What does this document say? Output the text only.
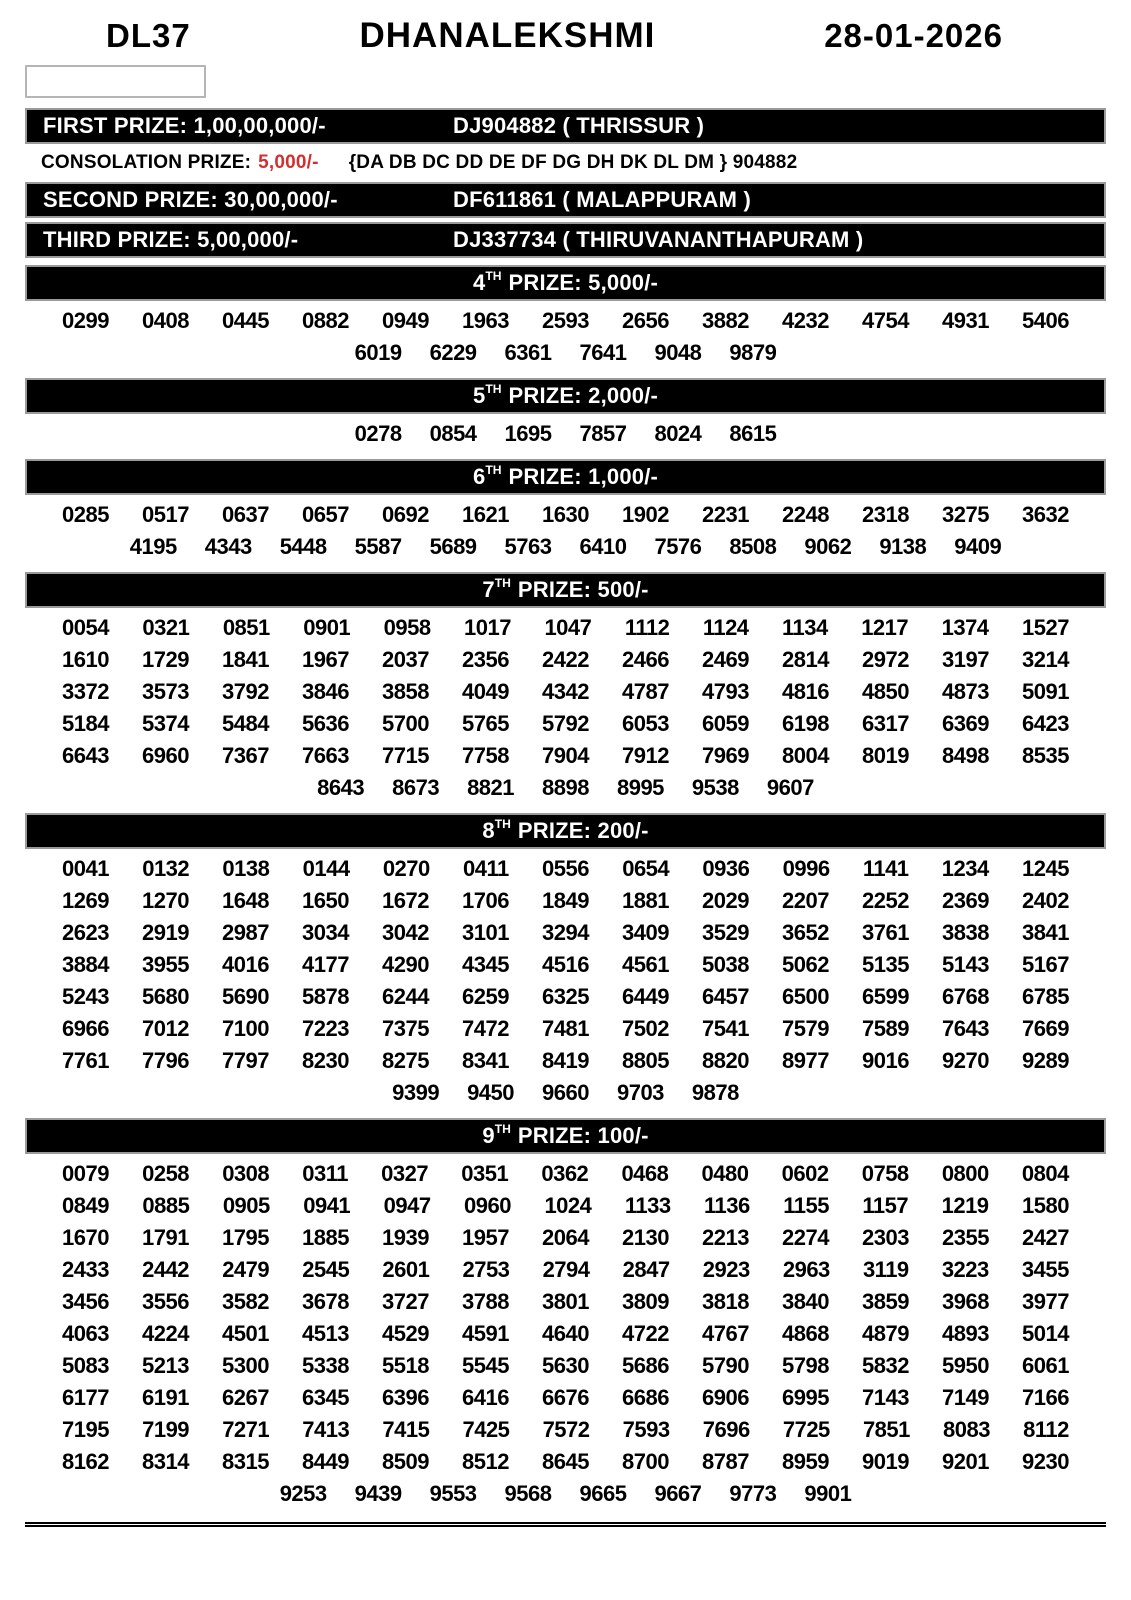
DL37	DHANALEKSHMI	28-01-2026
FIRST PRIZE: 1,00,00,000/-	DJ904882 ( THRISSUR )
CONSOLATION PRIZE: 5,000/- {DA DB DC DD DE DF DG DH DK DL DM } 904882
SECOND PRIZE: 30,00,000/-	DF611861 ( MALAPPURAM )
THIRD PRIZE: 5,00,000/-	DJ337734 ( THIRUVANANTHAPURAM )
4 TH PRIZE: 5,000/-
0299 0408 0445 0882 0949 1963 2593 2656 3882 4232 4754 4931 5406
6019 6229 6361 7641 9048 9879
5 TH PRIZE: 2,000/-
0278 0854 1695 7857 8024 8615
6 TH PRIZE: 1,000/-
0285 0517 0637 0657 0692 1621 1630 1902 2231 2248 2318 3275 3632
4195 4343 5448 5587 5689 5763 6410 7576 8508 9062 9138 9409
7 TH PRIZE: 500/-
0054 0321 0851 0901 0958 1017 1047 1112 1124 1134 1217 1374 1527
1610 1729 1841 1967 2037 2356 2422 2466 2469 2814 2972 3197 3214
3372 3573 3792 3846 3858 4049 4342 4787 4793 4816 4850 4873 5091
5184 5374 5484 5636 5700 5765 5792 6053 6059 6198 6317 6369 6423
6643 6960 7367 7663 7715 7758 7904 7912 7969 8004 8019 8498 8535
8643 8673 8821 8898 8995 9538 9607
8 TH PRIZE: 200/-
0041 0132 0138 0144 0270 0411 0556 0654 0936 0996 1141 1234 1245
1269 1270 1648 1650 1672 1706 1849 1881 2029 2207 2252 2369 2402
2623 2919 2987 3034 3042 3101 3294 3409 3529 3652 3761 3838 3841
3884 3955 4016 4177 4290 4345 4516 4561 5038 5062 5135 5143 5167
5243 5680 5690 5878 6244 6259 6325 6449 6457 6500 6599 6768 6785
6966 7012 7100 7223 7375 7472 7481 7502 7541 7579 7589 7643 7669
7761 7796 7797 8230 8275 8341 8419 8805 8820 8977 9016 9270 9289
9399 9450 9660 9703 9878
9 TH PRIZE: 100/-
0079 0258 0308 0311 0327 0351 0362 0468 0480 0602 0758 0800 0804
0849 0885 0905 0941 0947 0960 1024 1133 1136 1155 1157 1219 1580
1670 1791 1795 1885 1939 1957 2064 2130 2213 2274 2303 2355 2427
2433 2442 2479 2545 2601 2753 2794 2847 2923 2963 3119 3223 3455
3456 3556 3582 3678 3727 3788 3801 3809 3818 3840 3859 3968 3977
4063 4224 4501 4513 4529 4591 4640 4722 4767 4868 4879 4893 5014
5083 5213 5300 5338 5518 5545 5630 5686 5790 5798 5832 5950 6061
6177 6191 6267 6345 6396 6416 6676 6686 6906 6995 7143 7149 7166
7195 7199 7271 7413 7415 7425 7572 7593 7696 7725 7851 8083 8112
8162 8314 8315 8449 8509 8512 8645 8700 8787 8959 9019 9201 9230
9253 9439 9553 9568 9665 9667 9773 9901
